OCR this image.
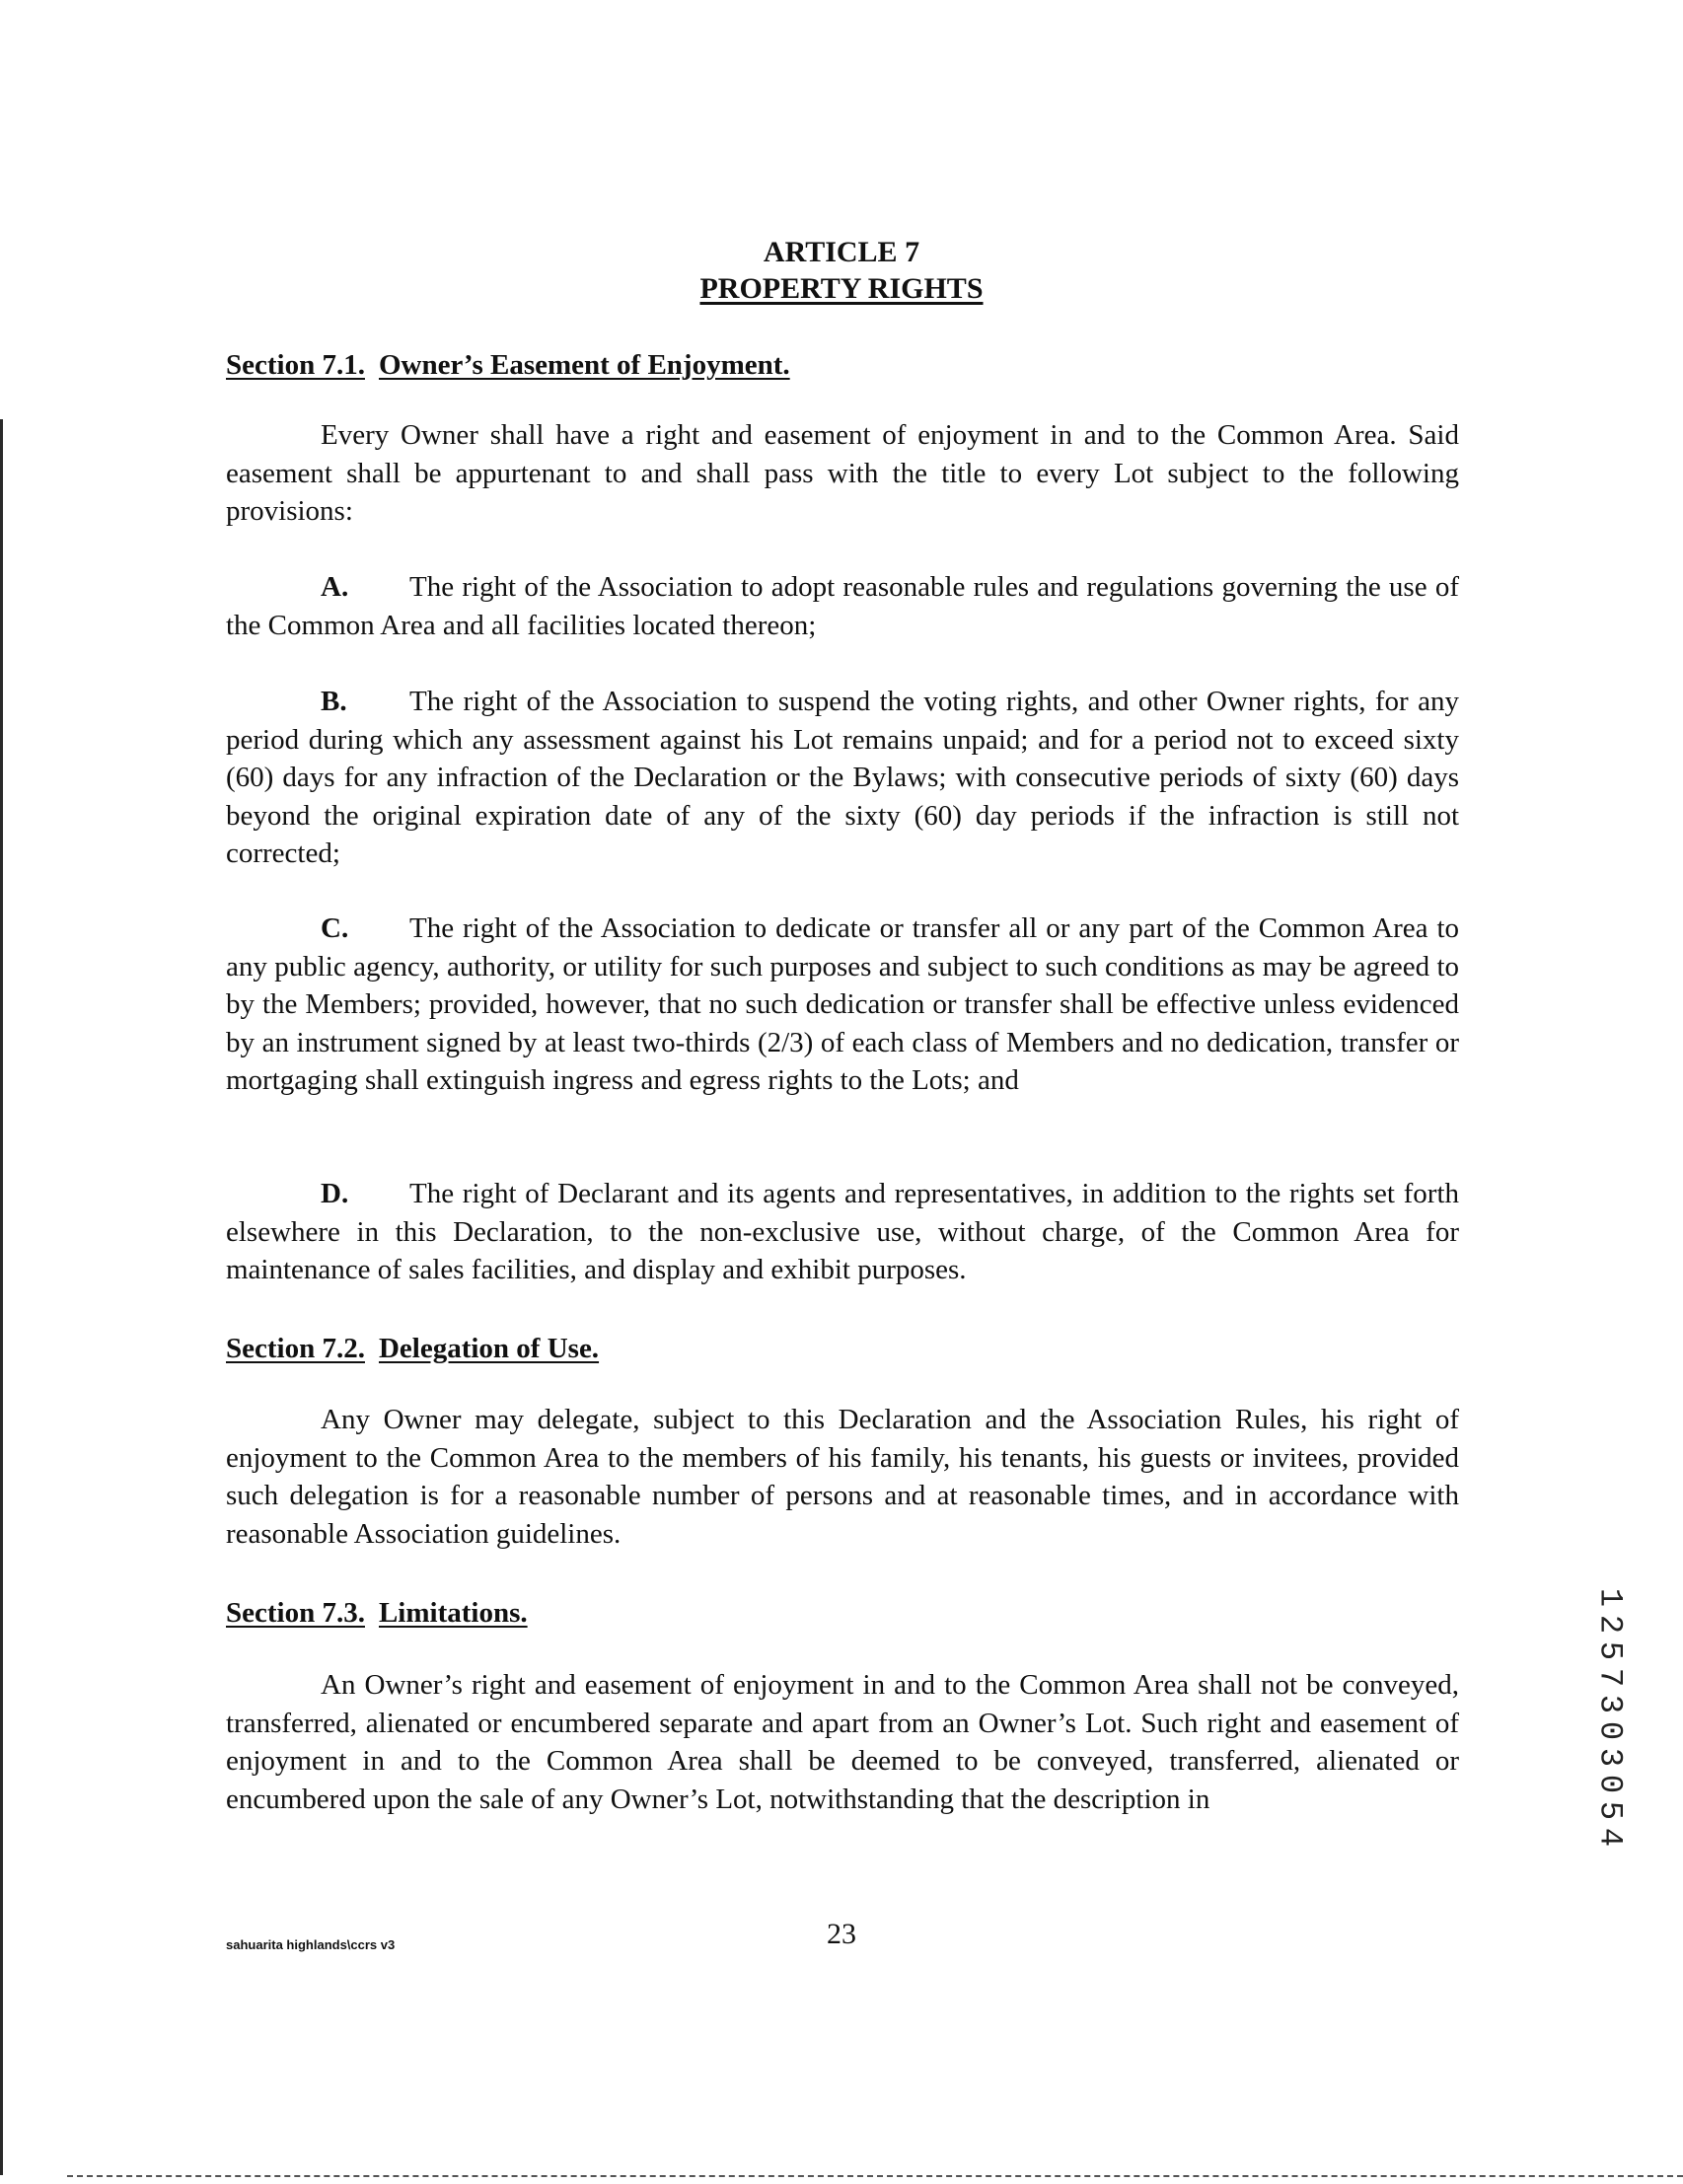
ARTICLE 7

PROPERTY RIGHTS

Section 7.1. Owner’s Easement of Enjoyment.

Every Owner shall have a right and easement of enjoyment in and to the Common Area. Said easement shall be appurtenant to and shall pass with the title to every Lot subject to the following provisions:

A. The right of the Association to adopt reasonable rules and regulations governing the use of the Common Area and all facilities located thereon;

B. The right of the Association to suspend the voting rights, and other Owner rights, for any period during which any assessment against his Lot remains unpaid; and for a period not to exceed sixty (60) days for any infraction of the Declaration or the Bylaws; with consecutive periods of sixty (60) days beyond the original expiration date of any of the sixty (60) day periods if the infraction is still not corrected;

C. The right of the Association to dedicate or transfer all or any part of the Common Area to any public agency, authority, or utility for such purposes and subject to such conditions as may be agreed to by the Members; provided, however, that no such dedication or transfer shall be effective unless evidenced by an instrument signed by at least two-thirds (2/3) of each class of Members and no dedication, transfer or mortgaging shall extinguish ingress and egress rights to the Lots; and

D. The right of Declarant and its agents and representatives, in addition to the rights set forth elsewhere in this Declaration, to the non-exclusive use, without charge, of the Common Area for maintenance of sales facilities, and display and exhibit purposes.

Section 7.2. Delegation of Use.

Any Owner may delegate, subject to this Declaration and the Association Rules, his right of enjoyment to the Common Area to the members of his family, his tenants, his guests or invitees, provided such delegation is for a reasonable number of persons and at reasonable times, and in accordance with reasonable Association guidelines.

Section 7.3. Limitations.

An Owner’s right and easement of enjoyment in and to the Common Area shall not be conveyed, transferred, alienated or encumbered separate and apart from an Owner’s Lot. Such right and easement of enjoyment in and to the Common Area shall be deemed to be conveyed, transferred, alienated or encumbered upon the sale of any Owner’s Lot, notwithstanding that the description in

sahuarita highlands\ccrs v3	23

1
2
5
7
3
0
3
0
5
4
